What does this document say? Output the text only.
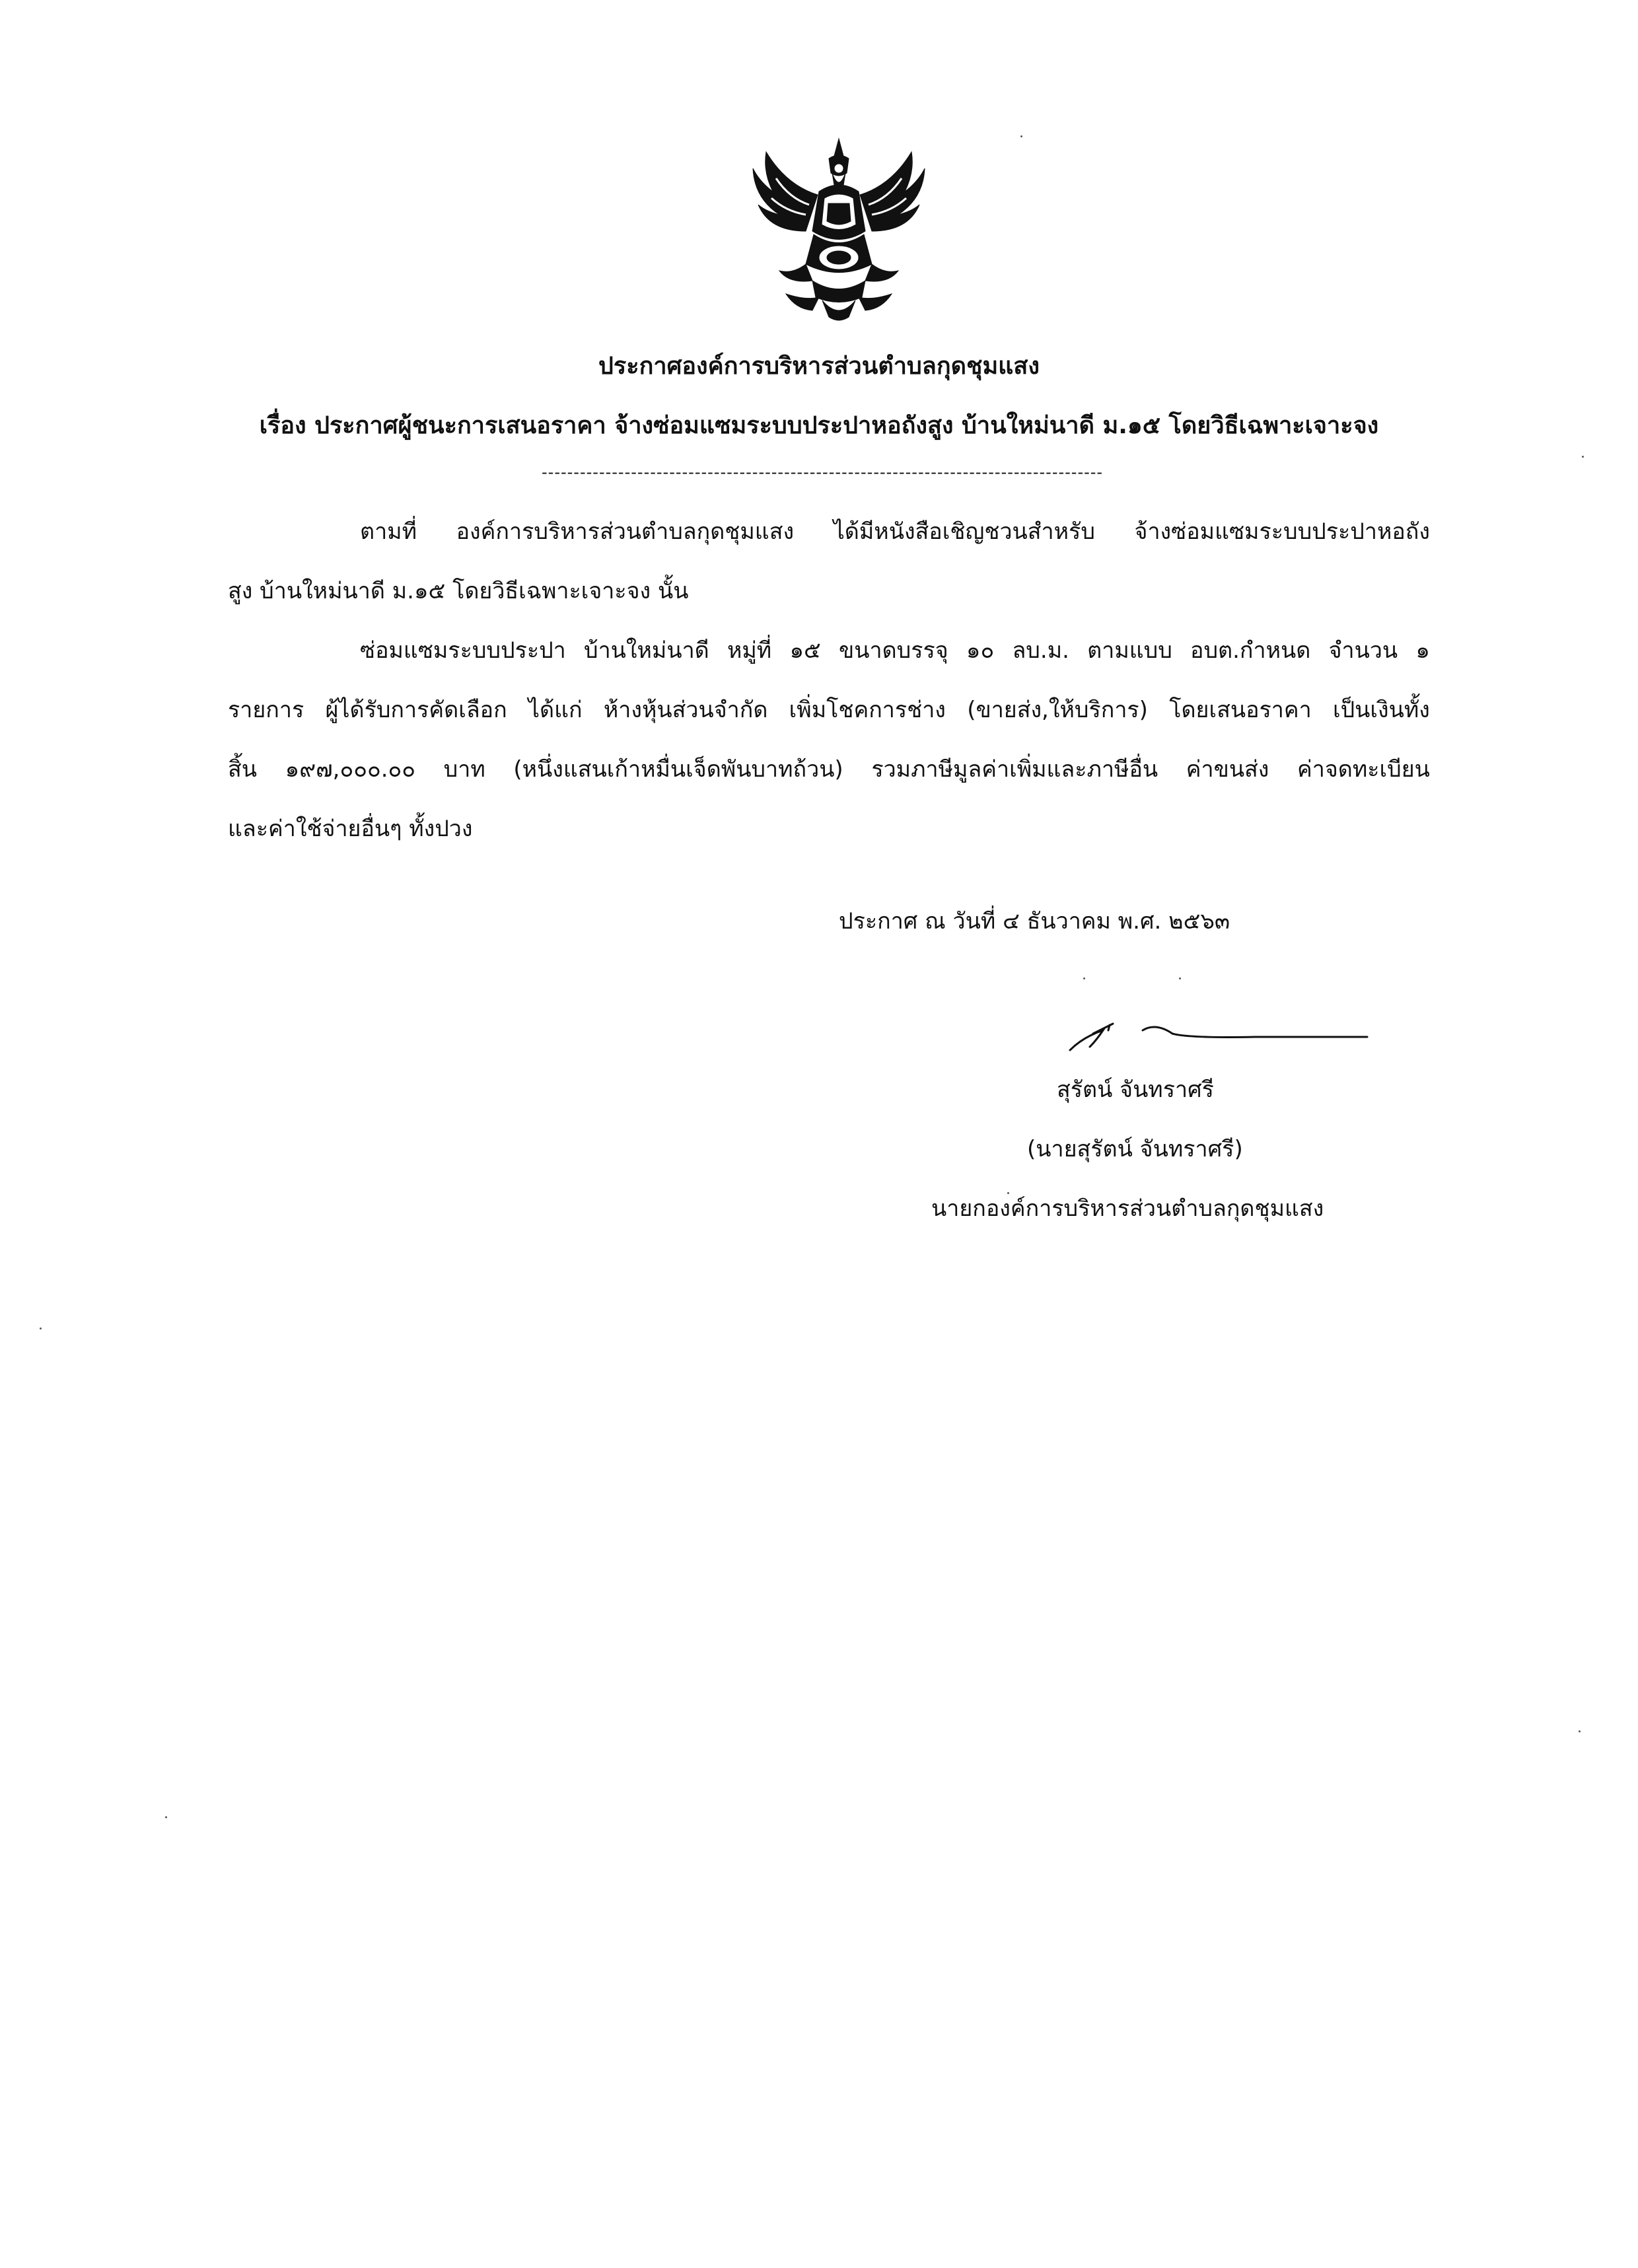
ประกาศองค์การบริหารส่วนตำบลกุดชุมแสง
เรื่อง ประกาศผู้ชนะการเสนอราคา จ้างซ่อมแซมระบบประปาหอถังสูง บ้านใหม่นาดี ม.๑๕ โดยวิธีเฉพาะเจาะจง
----------------------------------------------------------------------------------------
ตามที่ องค์การบริหารส่วนตำบลกุดชุมแสง ได้มีหนังสือเชิญชวนสำหรับ จ้างซ่อมแซมระบบประปาหอถัง
สูง บ้านใหม่นาดี ม.๑๕ โดยวิธีเฉพาะเจาะจง นั้น
ซ่อมแซมระบบประปา บ้านใหม่นาดี หมู่ที่ ๑๕ ขนาดบรรจุ ๑๐ ลบ.ม. ตามแบบ อบต.กำหนด จำนวน ๑
รายการ ผู้ได้รับการคัดเลือก ได้แก่ ห้างหุ้นส่วนจำกัด เพิ่มโชคการช่าง (ขายส่ง,ให้บริการ) โดยเสนอราคา เป็นเงินทั้ง
สิ้น ๑๙๗,๐๐๐.๐๐ บาท (หนึ่งแสนเก้าหมื่นเจ็ดพันบาทถ้วน) รวมภาษีมูลค่าเพิ่มและภาษีอื่น ค่าขนส่ง ค่าจดทะเบียน
และค่าใช้จ่ายอื่นๆ ทั้งปวง
ประกาศ ณ วันที่ ๔ ธันวาคม พ.ศ. ๒๕๖๓
สุรัตน์ จันทราศรี
(นายสุรัตน์ จันทราศรี)
นายกองค์การบริหารส่วนตำบลกุดชุมแสง
